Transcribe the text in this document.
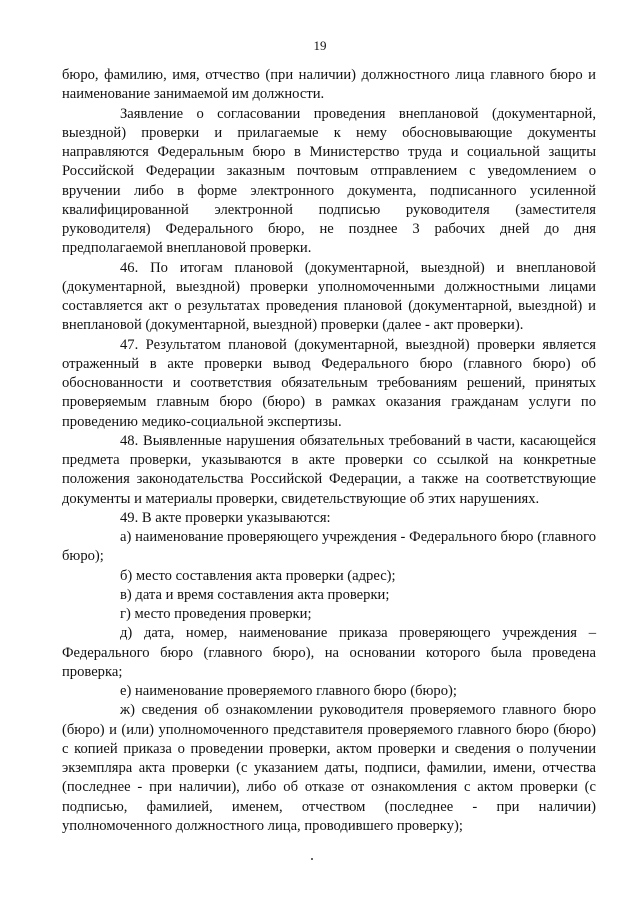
19

бюро, фамилию, имя, отчество (при наличии) должностного лица главного бюро и наименование занимаемой им должности.

Заявление о согласовании проведения внеплановой (документарной, выездной) проверки и прилагаемые к нему обосновывающие документы направляются Федеральным бюро в Министерство труда и социальной защиты Российской Федерации заказным почтовым отправлением с уведомлением о вручении либо в форме электронного документа, подписанного усиленной квалифицированной электронной подписью руководителя (заместителя руководителя) Федерального бюро, не позднее 3 рабочих дней до дня предполагаемой внеплановой проверки.

46. По итогам плановой (документарной, выездной) и внеплановой (документарной, выездной) проверки уполномоченными должностными лицами составляется акт о результатах проведения плановой (документарной, выездной) и внеплановой (документарной, выездной) проверки (далее - акт проверки).

47. Результатом плановой (документарной, выездной) проверки является отраженный в акте проверки вывод Федерального бюро (главного бюро) об обоснованности и соответствия обязательным требованиям решений, принятых проверяемым главным бюро (бюро) в рамках оказания гражданам услуги по проведению медико-социальной экспертизы.

48. Выявленные нарушения обязательных требований в части, касающейся предмета проверки, указываются в акте проверки со ссылкой на конкретные положения законодательства Российской Федерации, а также на соответствующие документы и материалы проверки, свидетельствующие об этих нарушениях.

49. В акте проверки указываются:

а) наименование проверяющего учреждения - Федерального бюро (главного бюро);

б) место составления акта проверки (адрес);

в) дата и время составления акта проверки;

г) место проведения проверки;

д) дата, номер, наименование приказа проверяющего учреждения – Федерального бюро (главного бюро), на основании которого была проведена проверка;

е) наименование проверяемого главного бюро (бюро);

ж) сведения об ознакомлении руководителя проверяемого главного бюро (бюро) и (или) уполномоченного представителя проверяемого главного бюро (бюро) с копией приказа о проведении проверки, актом проверки и сведения о получении экземпляра акта проверки (с указанием даты, подписи, фамилии, имени, отчества (последнее - при наличии), либо об отказе от ознакомления с актом проверки (с подписью, фамилией, именем, отчеством (последнее - при наличии) уполномоченного должностного лица, проводившего проверку);
